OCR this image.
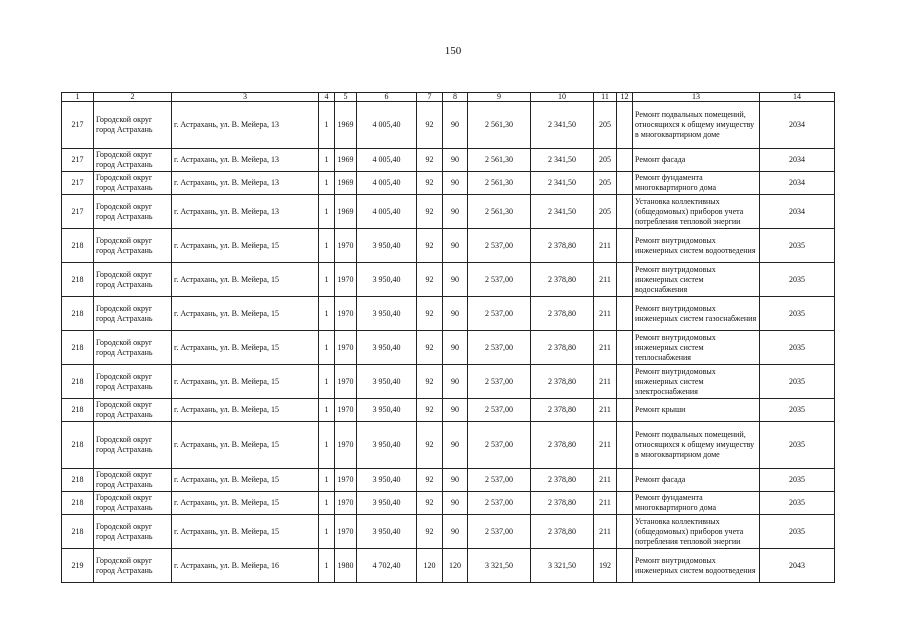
150
1	2	3	4	5	6	7	8	9	10	11	12	13	14
217	Городской округ город Астрахань	г. Астрахань, ул. В. Мейера, 13	1	1969	4 005,40	92	90	2 561,30	2 341,50	205		Ремонт подвальных помещений, относящихся к общему имуществу в многоквартирном доме	2034
217	Городской округ город Астрахань	г. Астрахань, ул. В. Мейера, 13	1	1969	4 005,40	92	90	2 561,30	2 341,50	205		Ремонт фасада	2034
217	Городской округ город Астрахань	г. Астрахань, ул. В. Мейера, 13	1	1969	4 005,40	92	90	2 561,30	2 341,50	205		Ремонт фундамента многоквартирного дома	2034
217	Городской округ город Астрахань	г. Астрахань, ул. В. Мейера, 13	1	1969	4 005,40	92	90	2 561,30	2 341,50	205		Установка коллективных (общедомовых) приборов учета потребления тепловой энергии	2034
218	Городской округ город Астрахань	г. Астрахань, ул. В. Мейера, 15	1	1970	3 950,40	92	90	2 537,00	2 378,80	211		Ремонт внутридомовых инженерных систем водоотведения	2035
218	Городской округ город Астрахань	г. Астрахань, ул. В. Мейера, 15	1	1970	3 950,40	92	90	2 537,00	2 378,80	211		Ремонт внутридомовых инженерных систем водоснабжения	2035
218	Городской округ город Астрахань	г. Астрахань, ул. В. Мейера, 15	1	1970	3 950,40	92	90	2 537,00	2 378,80	211		Ремонт внутридомовых инженерных систем газоснабжения	2035
218	Городской округ город Астрахань	г. Астрахань, ул. В. Мейера, 15	1	1970	3 950,40	92	90	2 537,00	2 378,80	211		Ремонт внутридомовых инженерных систем теплоснабжения	2035
218	Городской округ город Астрахань	г. Астрахань, ул. В. Мейера, 15	1	1970	3 950,40	92	90	2 537,00	2 378,80	211		Ремонт внутридомовых инженерных систем электроснабжения	2035
218	Городской округ город Астрахань	г. Астрахань, ул. В. Мейера, 15	1	1970	3 950,40	92	90	2 537,00	2 378,80	211		Ремонт крыши	2035
218	Городской округ город Астрахань	г. Астрахань, ул. В. Мейера, 15	1	1970	3 950,40	92	90	2 537,00	2 378,80	211		Ремонт подвальных помещений, относящихся к общему имуществу в многоквартирном доме	2035
218	Городской округ город Астрахань	г. Астрахань, ул. В. Мейера, 15	1	1970	3 950,40	92	90	2 537,00	2 378,80	211		Ремонт фасада	2035
218	Городской округ город Астрахань	г. Астрахань, ул. В. Мейера, 15	1	1970	3 950,40	92	90	2 537,00	2 378,80	211		Ремонт фундамента многоквартирного дома	2035
218	Городской округ город Астрахань	г. Астрахань, ул. В. Мейера, 15	1	1970	3 950,40	92	90	2 537,00	2 378,80	211		Установка коллективных (общедомовых) приборов учета потребления тепловой энергии	2035
219	Городской округ город Астрахань	г. Астрахань, ул. В. Мейера, 16	1	1980	4 702,40	120	120	3 321,50	3 321,50	192		Ремонт внутридомовых инженерных систем водоотведения	2043
